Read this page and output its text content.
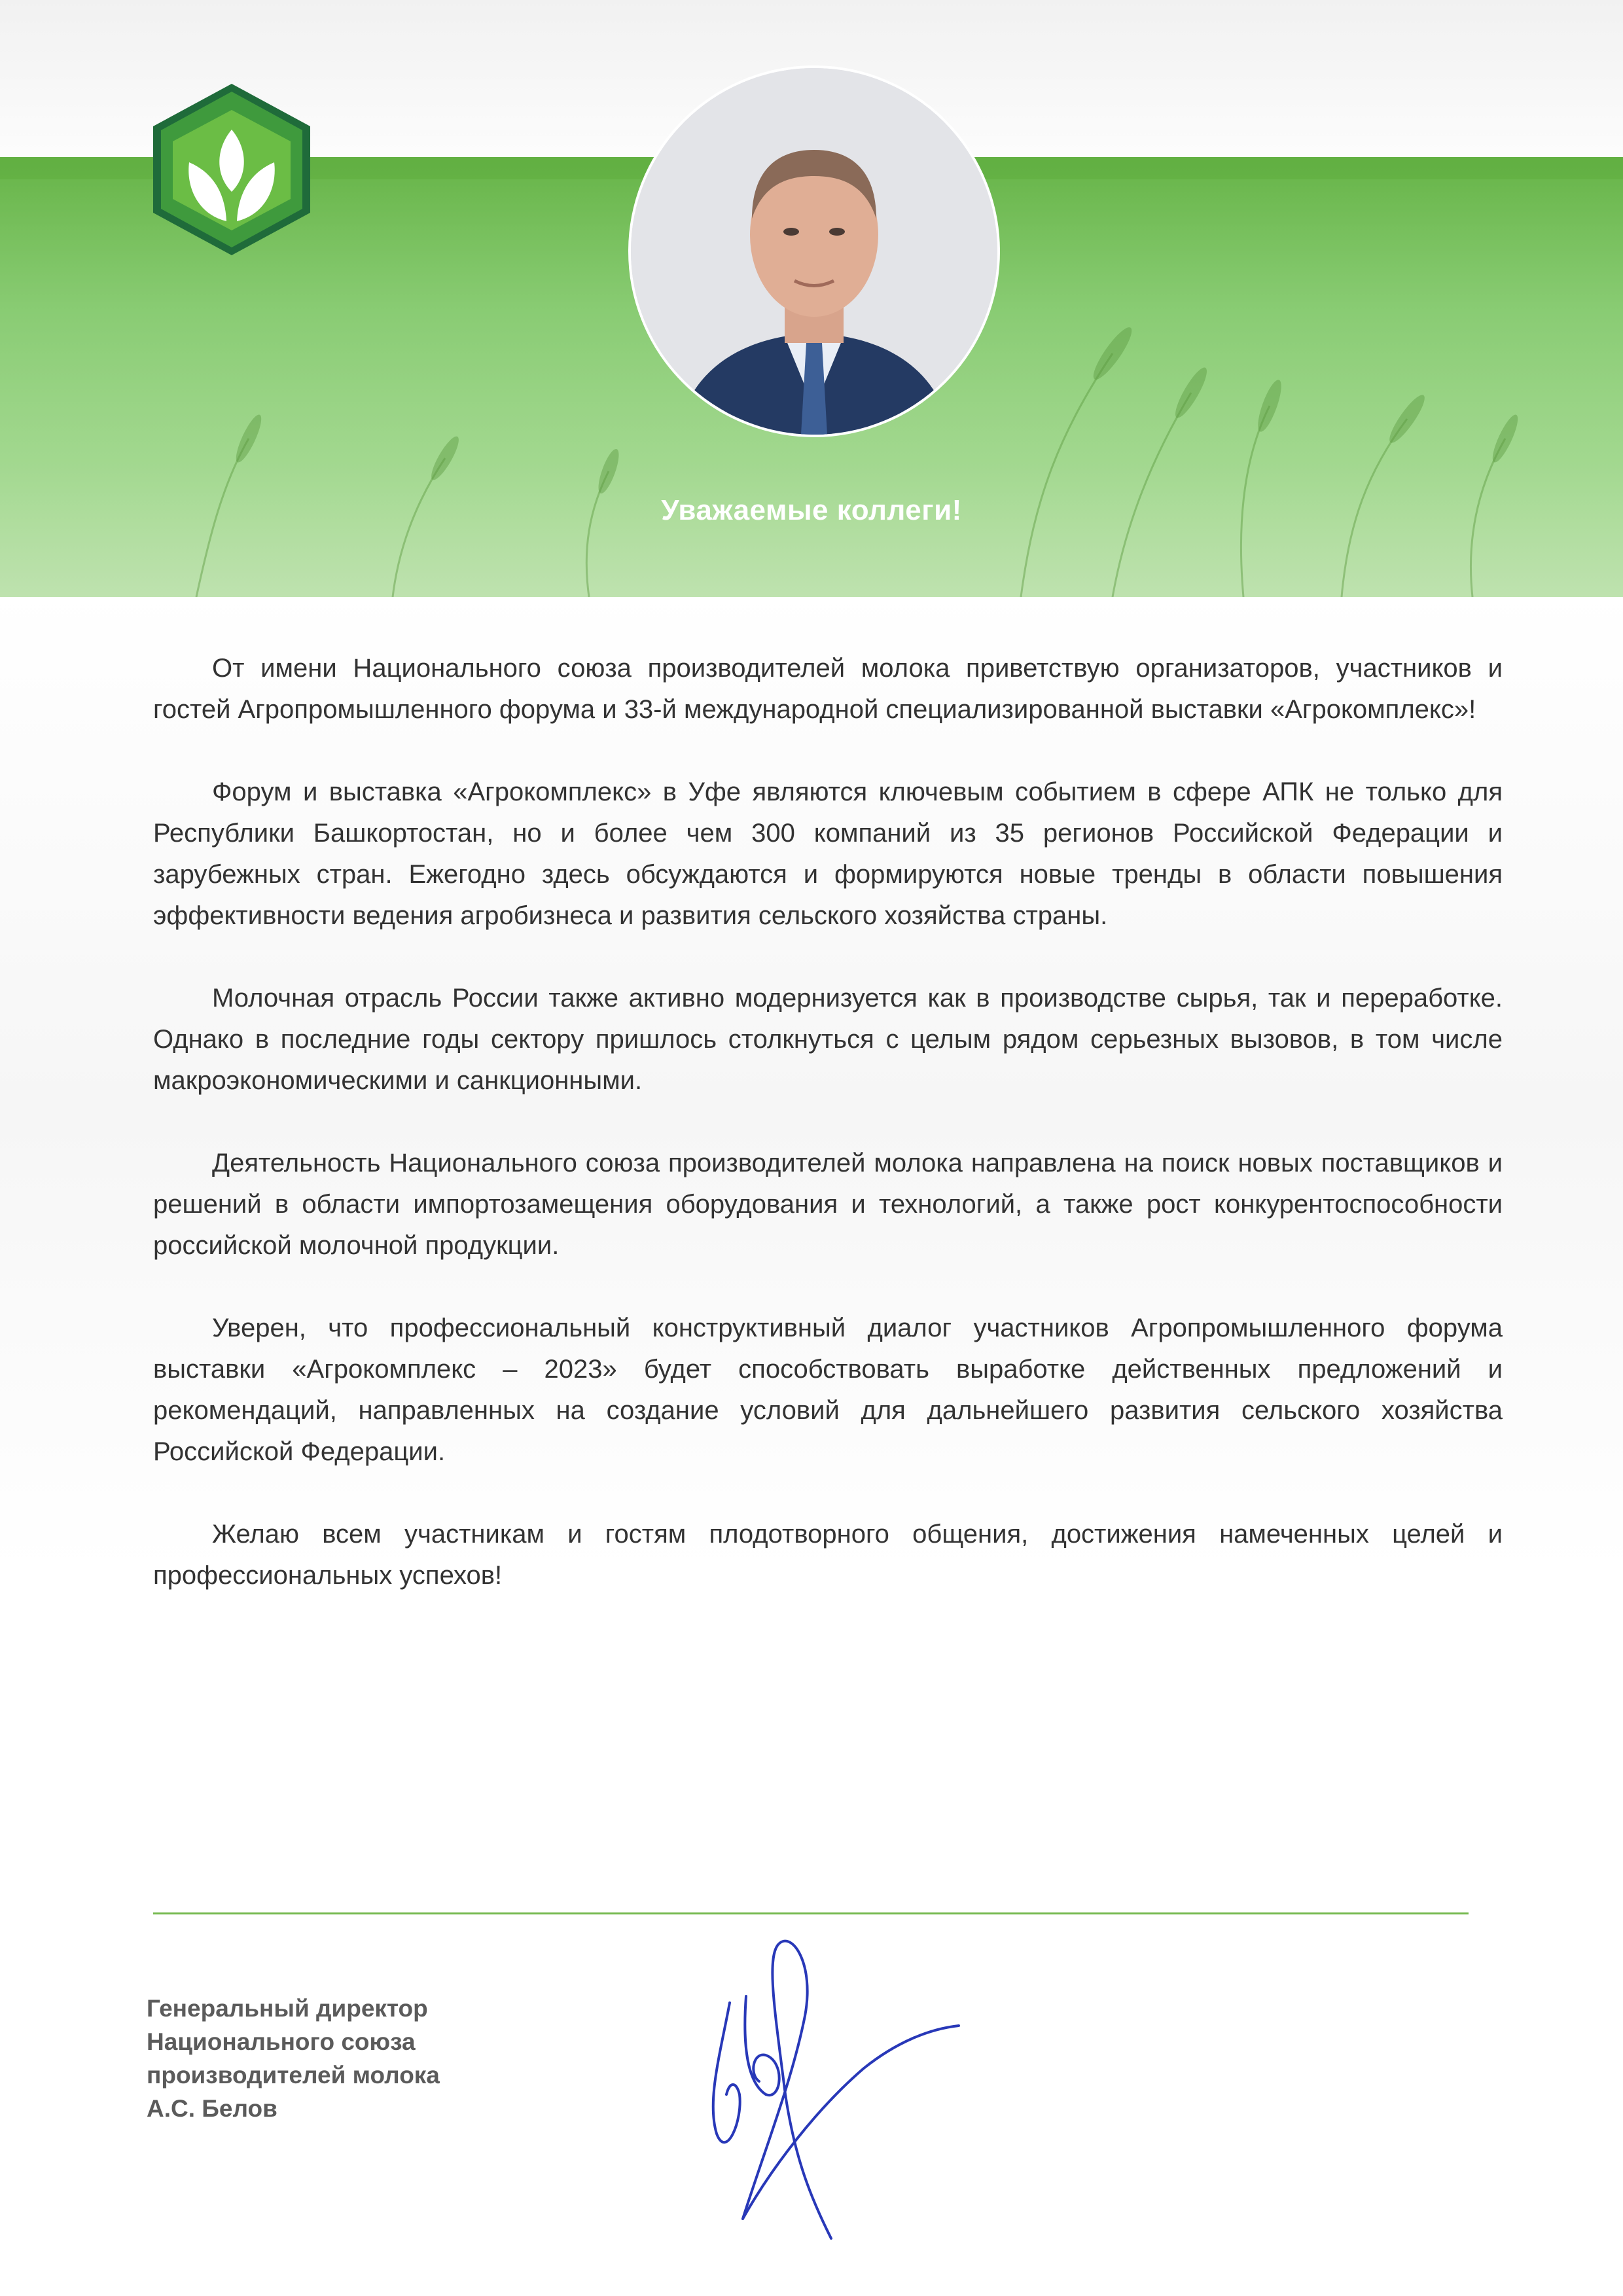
Уважаемые коллеги!

От имени Национального союза производителей молока приветствую организаторов, участников и гостей Агропромышленного форума и 33-й международной специализированной выставки «Агрокомплекс»!

Форум и выставка «Агрокомплекс» в Уфе являются ключевым событием в сфере АПК не только для Республики Башкортостан, но и более чем 300 компаний из 35 регионов Российской Федерации и зарубежных стран. Ежегодно здесь обсуждаются и формируются новые тренды в области повышения эффективности ведения агробизнеса и развития сельского хозяйства страны.

Молочная отрасль России также активно модернизуется как в производстве сырья, так и переработке. Однако в последние годы сектору пришлось столкнуться с целым рядом серьезных вызовов, в том числе макроэкономическими и санкционными.

Деятельность Национального союза производителей молока направлена на поиск новых поставщиков и решений в области импортозамещения оборудования и технологий, а также рост конкурентоспособности российской молочной продукции.

Уверен, что профессиональный конструктивный диалог участников Агропромышленного форума выставки «Агрокомплекс – 2023» будет способствовать выработке действенных предложений и рекомендаций, направленных на создание условий для дальнейшего развития сельского хозяйства Российской Федерации.

Желаю всем участникам и гостям плодотворного общения, достижения намеченных целей и профессиональных успехов!

Генеральный директор
Национального союза
производителей молока
А.С. Белов
